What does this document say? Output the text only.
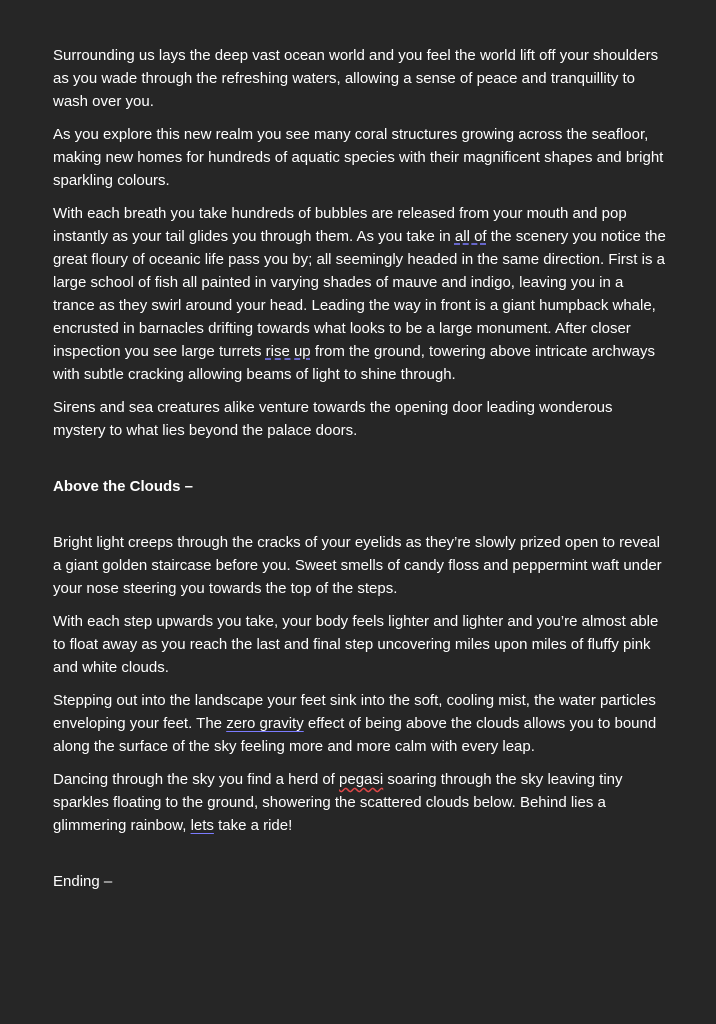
Surrounding us lays the deep vast ocean world and you feel the world lift off your shoulders as you wade through the refreshing waters, allowing a sense of peace and tranquillity to wash over you.

As you explore this new realm you see many coral structures growing across the seafloor, making new homes for hundreds of aquatic species with their magnificent shapes and bright sparkling colours.

With each breath you take hundreds of bubbles are released from your mouth and pop instantly as your tail glides you through them. As you take in all of the scenery you notice the great floury of oceanic life pass you by; all seemingly headed in the same direction. First is a large school of fish all painted in varying shades of mauve and indigo, leaving you in a trance as they swirl around your head. Leading the way in front is a giant humpback whale, encrusted in barnacles drifting towards what looks to be a large monument. After closer inspection you see large turrets rise up from the ground, towering above intricate archways with subtle cracking allowing beams of light to shine through.

Sirens and sea creatures alike venture towards the opening door leading wonderous mystery to what lies beyond the palace doors.

Above the Clouds –

Bright light creeps through the cracks of your eyelids as they’re slowly prized open to reveal a giant golden staircase before you. Sweet smells of candy floss and peppermint waft under your nose steering you towards the top of the steps.

With each step upwards you take, your body feels lighter and lighter and you’re almost able to float away as you reach the last and final step uncovering miles upon miles of fluffy pink and white clouds.

Stepping out into the landscape your feet sink into the soft, cooling mist, the water particles enveloping your feet. The zero gravity effect of being above the clouds allows you to bound along the surface of the sky feeling more and more calm with every leap.

Dancing through the sky you find a herd of pegasi soaring through the sky leaving tiny sparkles floating to the ground, showering the scattered clouds below. Behind lies a glimmering rainbow, lets take a ride!

Ending –
